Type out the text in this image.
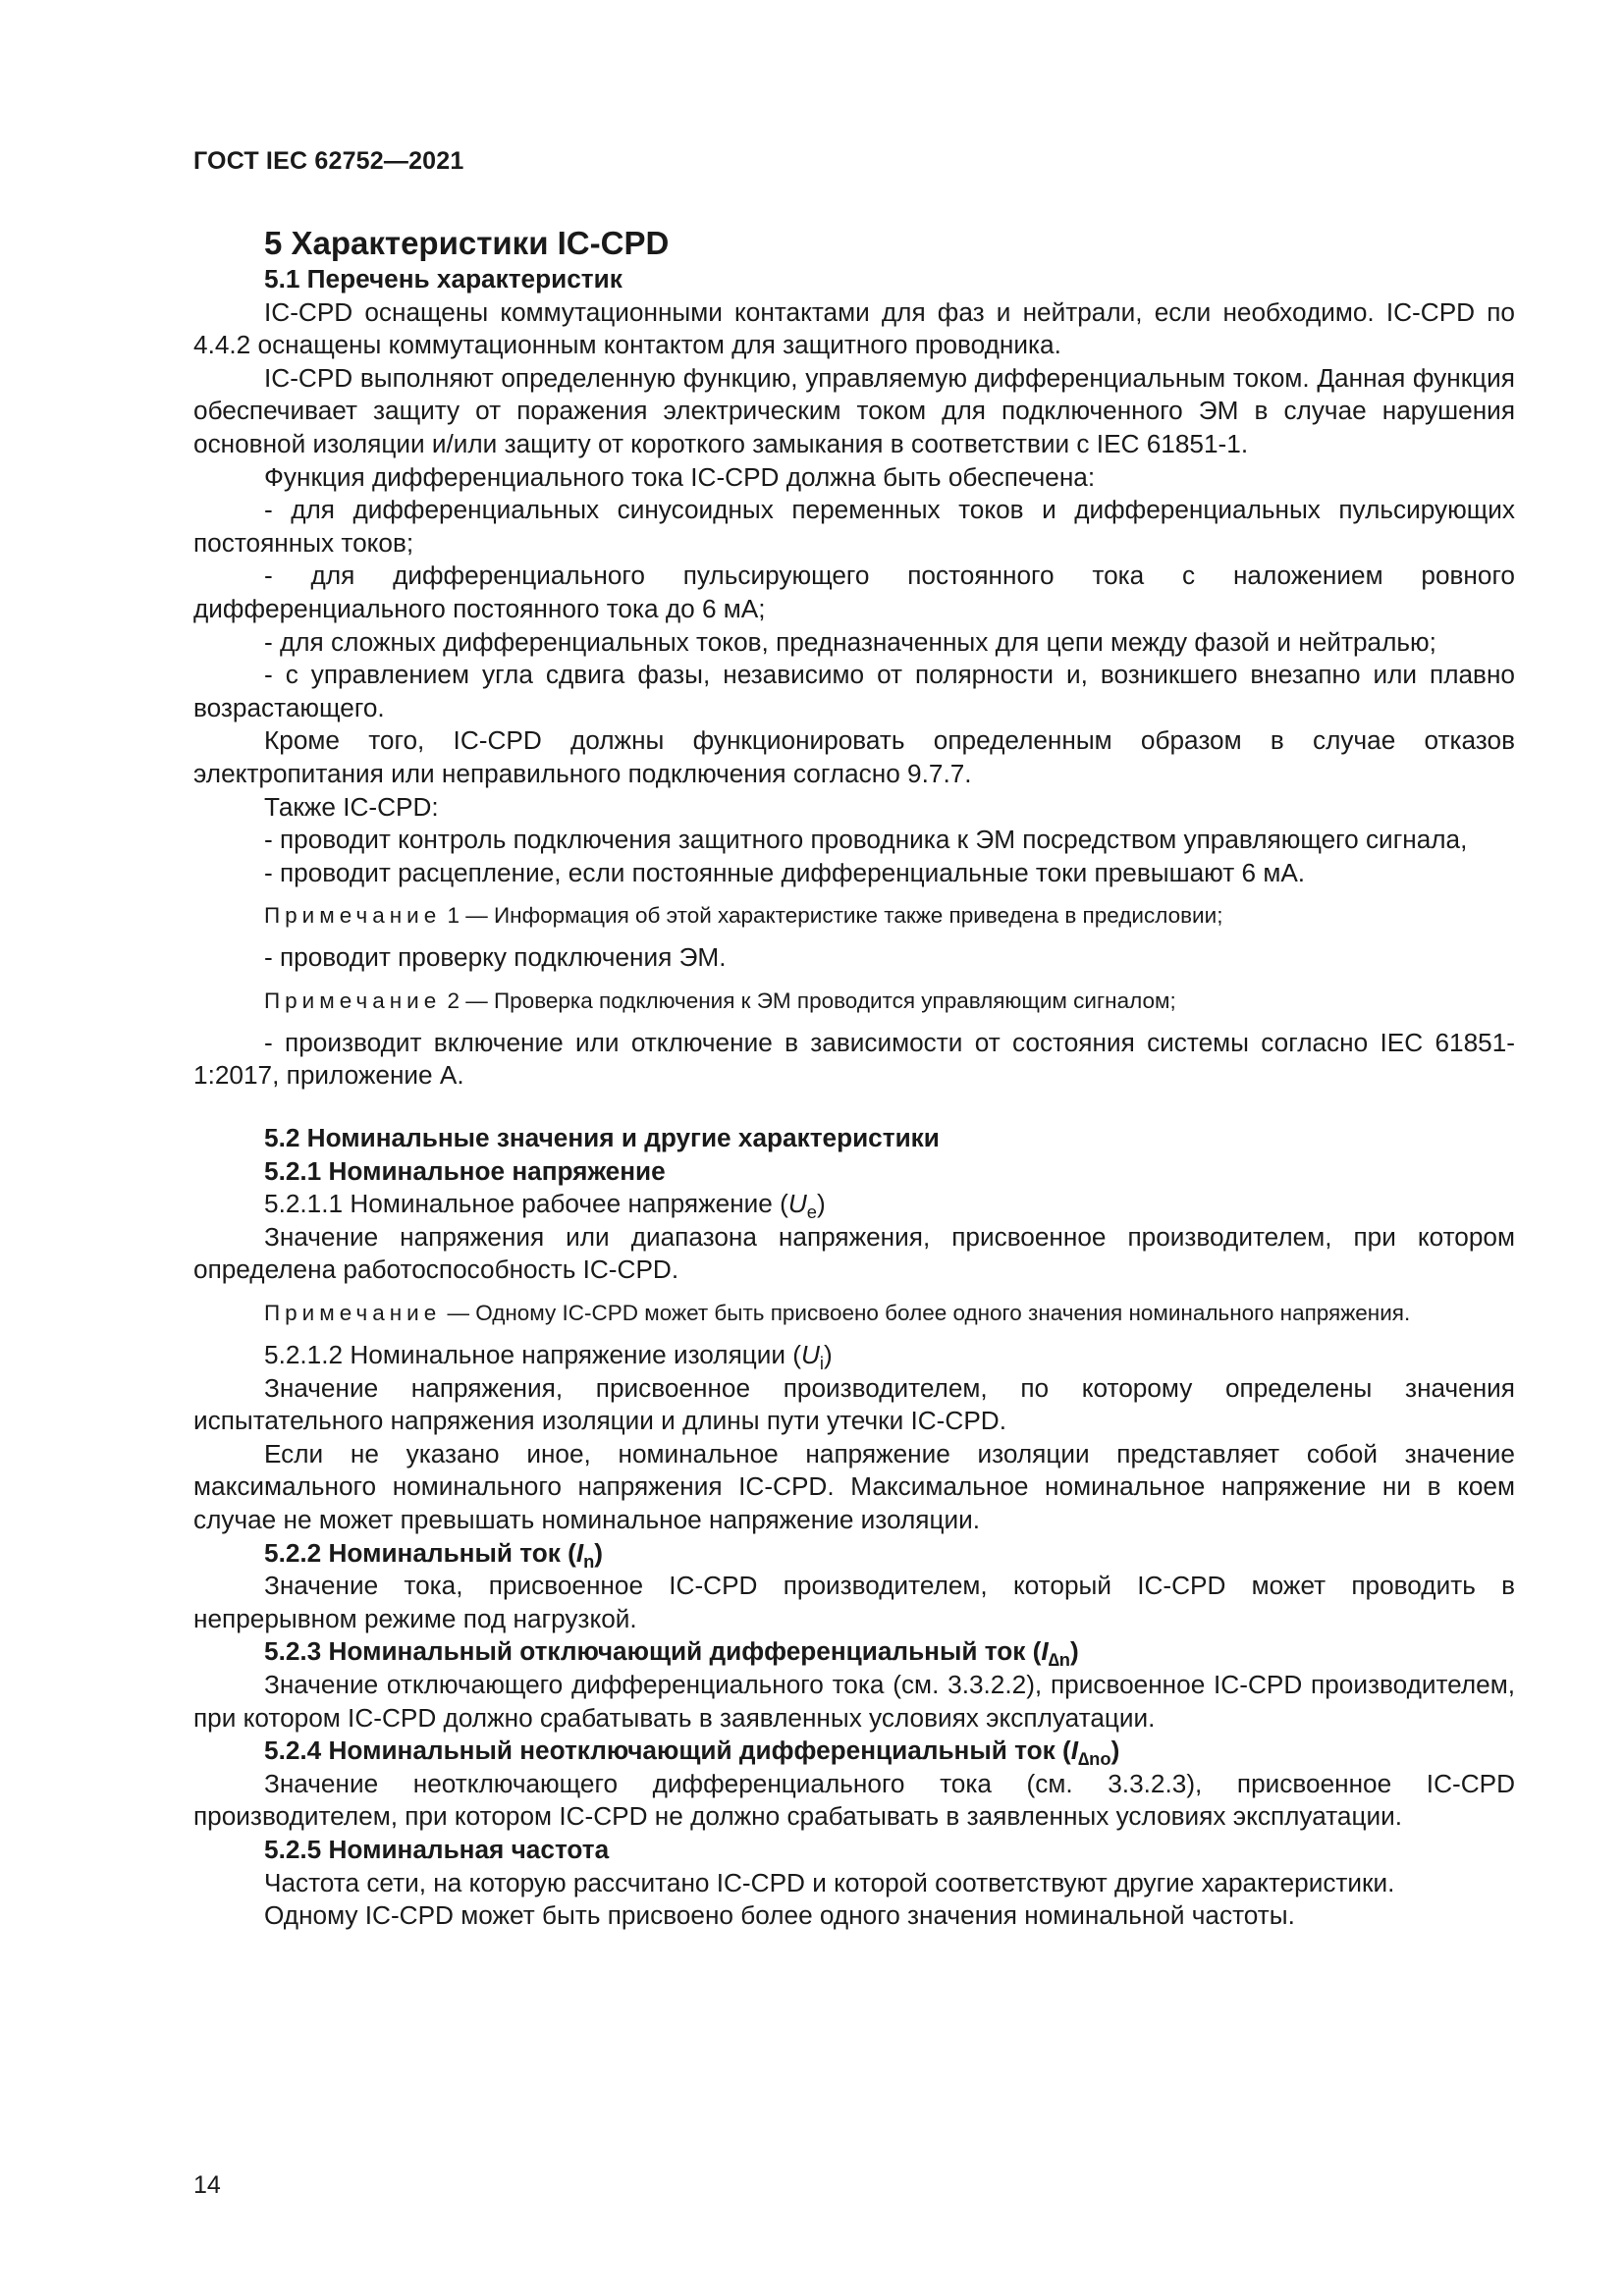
ГОСТ IEC 62752—2021

5 Характеристики IC-CPD

5.1 Перечень характеристик

IC-CPD оснащены коммутационными контактами для фаз и нейтрали, если необходимо. IC-CPD по 4.4.2 оснащены коммутационным контактом для защитного проводника.

IC-CPD выполняют определенную функцию, управляемую дифференциальным током. Данная функция обеспечивает защиту от поражения электрическим током для подключенного ЭМ в случае нарушения основной изоляции и/или защиту от короткого замыкания в соответствии с IEC 61851-1.

Функция дифференциального тока IC-CPD должна быть обеспечена:

- для дифференциальных синусоидных переменных токов и дифференциальных пульсирующих постоянных токов;

- для дифференциального пульсирующего постоянного тока с наложением ровного дифференциального постоянного тока до 6 мА;

- для сложных дифференциальных токов, предназначенных для цепи между фазой и нейтралью;

- с управлением угла сдвига фазы, независимо от полярности и, возникшего внезапно или плавно возрастающего.

Кроме того, IC-CPD должны функционировать определенным образом в случае отказов электропитания или неправильного подключения согласно 9.7.7.

Также IC-CPD:

- проводит контроль подключения защитного проводника к ЭМ посредством управляющего сигнала,

- проводит расцепление, если постоянные дифференциальные токи превышают 6 мА.

Примечание 1 — Информация об этой характеристике также приведена в предисловии;

- проводит проверку подключения ЭМ.

Примечание 2 — Проверка подключения к ЭМ проводится управляющим сигналом;

- производит включение или отключение в зависимости от состояния системы согласно IEC 61851-1:2017, приложение А.

5.2 Номинальные значения и другие характеристики

5.2.1 Номинальное напряжение

5.2.1.1 Номинальное рабочее напряжение $(U_e)$

Значение напряжения или диапазона напряжения, присвоенное производителем, при котором определена работоспособность IC-CPD.

Примечание — Одному IC-CPD может быть присвоено более одного значения номинального напряжения.

5.2.1.2 Номинальное напряжение изоляции $(U_i)$

Значение напряжения, присвоенное производителем, по которому определены значения испытательного напряжения изоляции и длины пути утечки IC-CPD.

Если не указано иное, номинальное напряжение изоляции представляет собой значение максимального номинального напряжения IC-CPD. Максимальное номинальное напряжение ни в коем случае не может превышать номинальное напряжение изоляции.

5.2.2 Номинальный ток $(I_n)$

Значение тока, присвоенное IC-CPD производителем, который IC-CPD может проводить в непрерывном режиме под нагрузкой.

5.2.3 Номинальный отключающий дифференциальный ток $(I_{\Delta n})$

Значение отключающего дифференциального тока (см. 3.3.2.2), присвоенное IC-CPD производителем, при котором IC-CPD должно срабатывать в заявленных условиях эксплуатации.

5.2.4 Номинальный неотключающий дифференциальный ток $(I_{\Delta no})$

Значение неотключающего дифференциального тока (см. 3.3.2.3), присвоенное IC-CPD производителем, при котором IC-CPD не должно срабатывать в заявленных условиях эксплуатации.

5.2.5 Номинальная частота

Частота сети, на которую рассчитано IC-CPD и которой соответствуют другие характеристики.

Одному IC-CPD может быть присвоено более одного значения номинальной частоты.

14
